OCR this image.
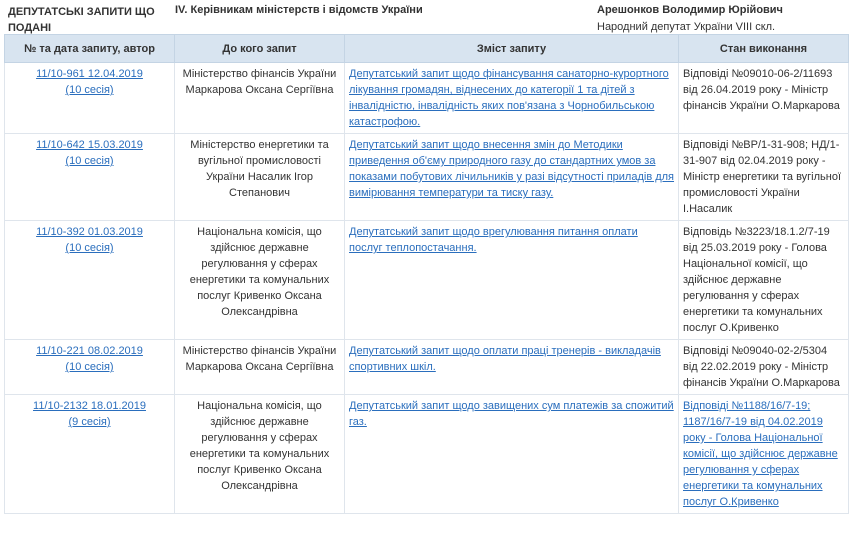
ДЕПУТАТСЬКІ ЗАПИТИ ЩО ПОДАНІ
IV. Керівникам міністерств і відомств України	Арешонков Володимир Юрійович
Народний депутат України VIII скл.
№ та дата запиту, автор	До кого запит	Зміст запиту	Стан виконання

11/10-961 12.04.2019
(10 сесія)	Міністерство фінансів України Маркарова Оксана Сергіївна	Депутатський запит щодо фінансування санаторно-курортного лікування громадян, віднесених до категорії 1 та дітей з інвалідністю, інвалідність яких пов'язана з Чорнобильською катастрофою.	Відповіді №09010-06-2/11693 від 26.04.2019 року - Міністр фінансів України О.Маркарова

11/10-642 15.03.2019
(10 сесія)	Міністерство енергетики та вугільної промисловості України Насалик Ігор Степанович	Депутатський запит щодо внесення змін до Методики приведення об'єму природного газу до стандартних умов за показами побутових лічильників у разі відсутності приладів для вимірювання температури та тиску газу.	Відповіді №ВР/1-31-908; НД/1-31-907 від 02.04.2019 року - Міністр енергетики та вугільної промисловості України І.Насалик

11/10-392 01.03.2019
(10 сесія)	Національна комісія, що здійснює державне регулювання у сферах енергетики та комунальних послуг Кривенко Оксана Олександрівна	Депутатський запит щодо врегулювання питання оплати послуг теплопостачання.	Відповідь №3223/18.1.2/7-19 від 25.03.2019 року - Голова Національної комісії, що здійснює державне регулювання у сферах енергетики та комунальних послуг О.Кривенко

11/10-221 08.02.2019
(10 сесія)	Міністерство фінансів України Маркарова Оксана Сергіївна	Депутатський запит щодо оплати праці тренерів - викладачів спортивних шкіл.	Відповіді №09040-02-2/5304 від 22.02.2019 року - Міністр фінансів України О.Маркарова

11/10-2132 18.01.2019
(9 сесія)	Національна комісія, що здійснює державне регулювання у сферах енергетики та комунальних послуг Кривенко Оксана Олександрівна	Депутатський запит щодо завищених сум платежів за спожитий газ.	Відповіді №1188/16/7-19; 1187/16/7-19 від 04.02.2019 року - Голова Національної комісії, що здійснює державне регулювання у сферах енергетики та комунальних послуг О.Кривенко
